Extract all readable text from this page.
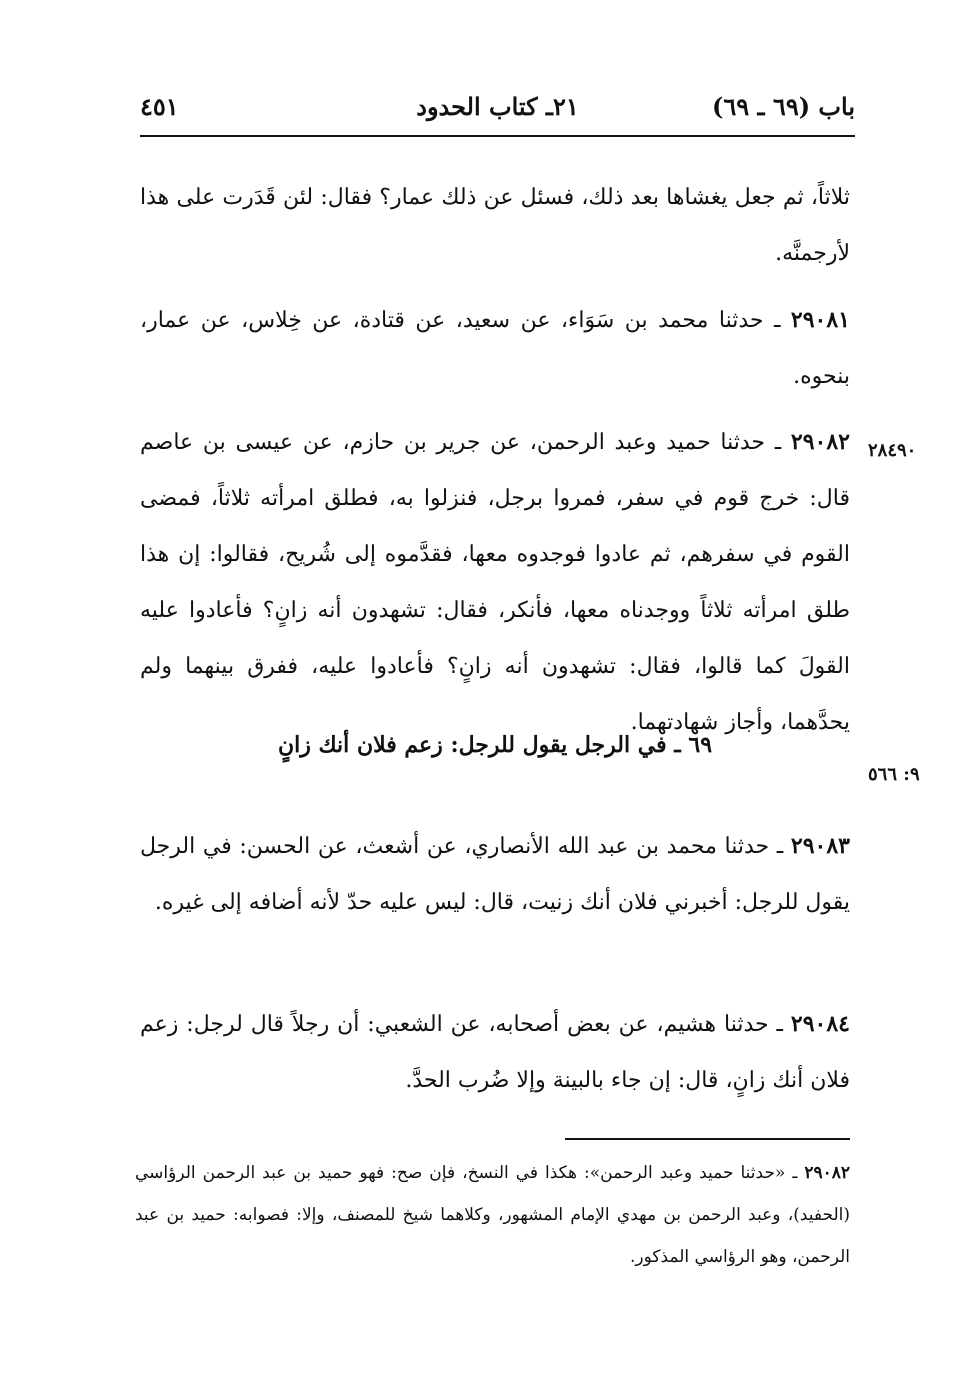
باب (٦٩ ـ ٦٩)
٢١ـ كتاب الحدود
٤٥١
ثلاثاً، ثم جعل يغشاها بعد ذلك، فسئل عن ذلك عمار؟ فقال: لئن قَدَرت على هذا لأرجمنَّه.
٢٩٠٨١ ـ حدثنا محمد بن سَوَاء، عن سعيد، عن قتادة، عن خِلاس، عن عمار، بنحوه.
٢٨٤٩٠
٢٩٠٨٢ ـ حدثنا حميد وعبد الرحمن، عن جرير بن حازم، عن عيسى بن عاصم قال: خرج قوم في سفر، فمروا برجل، فنزلوا به، فطلق امرأته ثلاثاً، فمضى القوم في سفرهم، ثم عادوا فوجدوه معها، فقدَّموه إلى شُريح، فقالوا: إن هذا طلق امرأته ثلاثاً ووجدناه معها، فأنكر، فقال: تشهدون أنه زانٍ؟ فأعادوا عليه القولَ كما قالوا، فقال: تشهدون أنه زانٍ؟ فأعادوا عليه، ففرق بينهما ولم يحدَّهما، وأجاز شهادتهما.
٩: ٥٦٦
٦٩ ـ في الرجل يقول للرجل: زعم فلان أنك زانٍ
٢٩٠٨٣ ـ حدثنا محمد بن عبد الله الأنصاري، عن أشعث، عن الحسن: في الرجل يقول للرجل: أخبرني فلان أنك زنيت، قال: ليس عليه حدّ لأنه أضافه إلى غيره.
٢٩٠٨٤ ـ حدثنا هشيم، عن بعض أصحابه، عن الشعبي: أن رجلاً قال لرجل: زعم فلان أنك زانٍ، قال: إن جاء بالبينة وإلا ضُرب الحدَّ.
٢٩٠٨٢ ـ «حدثنا حميد وعبد الرحمن»: هكذا في النسخ، فإن صح: فهو حميد بن عبد الرحمن الرؤاسي (الحفيد)، وعبد الرحمن بن مهدي الإمام المشهور، وكلاهما شيخ للمصنف، وإلا: فصوابه: حميد بن عبد الرحمن، وهو الرؤاسي المذكور.
